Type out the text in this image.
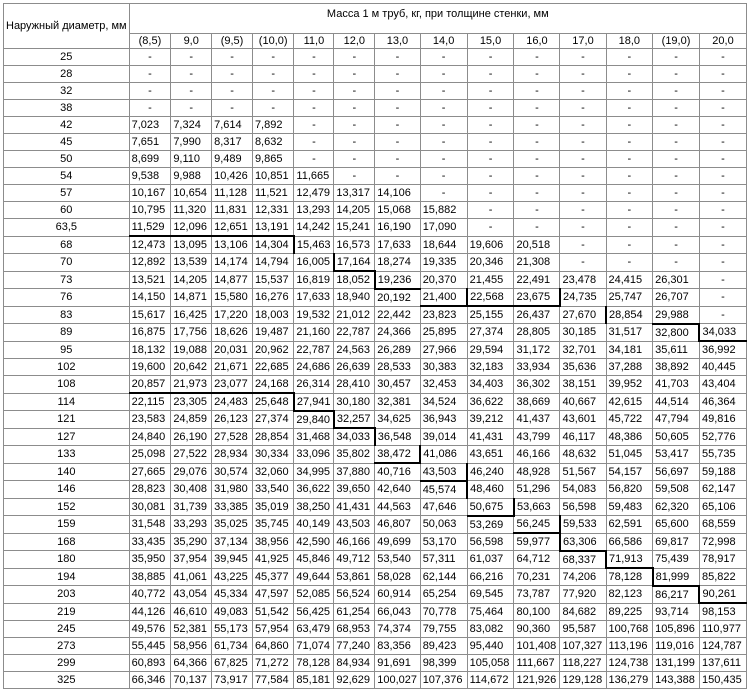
Наружный диаметр, мм	Масса 1 м труб, кг, при толщине стенки, мм													
	(8,5)	9,0	(9,5)	(10,0)	11,0	12,0	13,0	14,0	15,0	16,0	17,0	18,0	(19,0)	20,0
25	-	-	-	-	-	-	-	-	-	-	-	-	-	-
28	-	-	-	-	-	-	-	-	-	-	-	-	-	-
32	-	-	-	-	-	-	-	-	-	-	-	-	-	-
38	-	-	-	-	-	-	-	-	-	-	-	-	-	-
42	7,023	7,324	7,614	7,892	-	-	-	-	-	-	-	-	-	-
45	7,651	7,990	8,317	8,632	-	-	-	-	-	-	-	-	-	-
50	8,699	9,110	9,489	9,865	-	-	-	-	-	-	-	-	-	-
54	9,538	9,988	10,426	10,851	11,665	-	-	-	-	-	-	-	-	-
57	10,167	10,654	11,128	11,521	12,479	13,317	14,106	-	-	-	-	-	-	-
60	10,795	11,320	11,831	12,331	13,293	14,205	15,068	15,882	-	-	-	-	-	-
63,5	11,529	12,096	12,651	13,191	14,242	15,241	16,190	17,090	-	-	-	-	-	-
68	12,473	13,095	13,106	14,304	15,463	16,573	17,633	18,644	19,606	20,518	-	-	-	-
70	12,892	13,539	14,174	14,794	16,005	17,164	18,274	19,335	20,346	21,308	-	-	-	-
73	13,521	14,205	14,877	15,537	16,819	18,052	19,236	20,370	21,455	22,491	23,478	24,415	26,301	-
76	14,150	14,871	15,580	16,276	17,633	18,940	20,192	21,400	22,568	23,675	24,735	25,747	26,707	-
83	15,617	16,425	17,220	18,003	19,532	21,012	22,442	23,823	25,155	26,437	27,670	28,854	29,988	-
89	16,875	17,756	18,626	19,487	21,160	22,787	24,366	25,895	27,374	28,805	30,185	31,517	32,800	34,033
95	18,132	19,088	20,031	20,962	22,787	24,563	26,289	27,966	29,594	31,172	32,701	34,181	35,611	36,992
102	19,600	20,642	21,671	22,685	24,686	26,639	28,533	30,383	32,183	33,934	35,636	37,288	38,892	40,445
108	20,857	21,973	23,077	24,168	26,314	28,410	30,457	32,453	34,403	36,302	38,151	39,952	41,703	43,404
114	22,115	23,305	24,483	25,648	27,941	30,180	32,381	34,524	36,622	38,669	40,667	42,615	44,514	46,364
121	23,583	24,859	26,123	27,374	29,840	32,257	34,625	36,943	39,212	41,437	43,601	45,722	47,794	49,816
127	24,840	26,190	27,528	28,854	31,468	34,033	36,548	39,014	41,431	43,799	46,117	48,386	50,605	52,776
133	25,098	27,522	28,934	30,334	33,096	35,802	38,472	41,086	43,651	46,166	48,632	51,045	53,417	55,735
140	27,665	29,076	30,574	32,060	34,995	37,880	40,716	43,503	46,240	48,928	51,567	54,157	56,697	59,188
146	28,823	30,408	31,980	33,540	36,622	39,650	42,640	45,574	48,460	51,296	54,083	56,820	59,508	62,147
152	30,081	31,739	33,385	35,019	38,250	41,431	44,563	47,646	50,675	53,663	56,598	59,483	62,320	65,106
159	31,548	33,293	35,025	35,745	40,149	43,503	46,807	50,063	53,269	56,245	59,533	62,591	65,600	68,559
168	33,435	35,290	37,134	38,956	42,590	46,166	49,699	53,170	56,598	59,977	63,306	66,586	69,817	72,998
180	35,950	37,954	39,945	41,925	45,846	49,712	53,540	57,311	61,037	64,712	68,337	71,913	75,439	78,917
194	38,885	41,061	43,225	45,377	49,644	53,861	58,028	62,144	66,216	70,231	74,206	78,128	81,999	85,822
203	40,772	43,054	45,334	47,597	52,085	56,524	60,914	65,254	69,545	73,787	77,920	82,123	86,217	90,261
219	44,126	46,610	49,083	51,542	56,425	61,254	66,043	70,778	75,464	80,100	84,682	89,225	93,714	98,153
245	49,576	52,381	55,173	57,954	63,479	68,953	74,374	79,755	83,082	90,360	95,587	100,768	105,896	110,977
273	55,445	58,956	61,734	64,860	71,074	77,240	83,356	89,423	95,440	101,408	107,327	113,196	119,016	124,787
299	60,893	64,366	67,825	71,272	78,128	84,934	91,691	98,399	105,058	111,667	118,227	124,738	131,199	137,611
325	66,346	70,137	73,917	77,584	85,181	92,629	100,027	107,376	114,672	121,926	129,128	136,279	143,388	150,435
